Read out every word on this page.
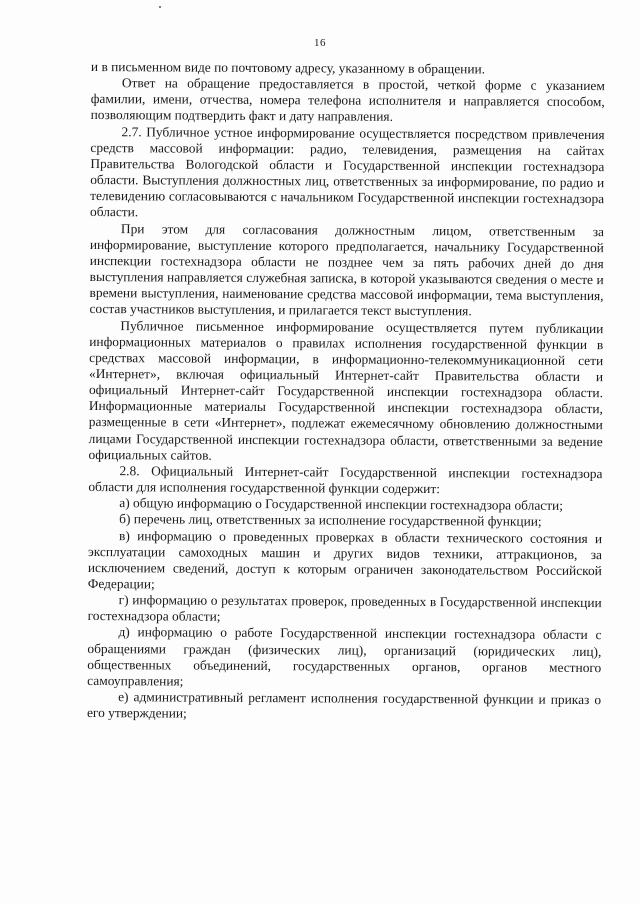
16

и в письменном виде по почтовому адресу, указанному в обращении.

Ответ на обращение предоставляется в простой, четкой форме с указанием фамилии, имени, отчества, номера телефона исполнителя и направляется способом, позволяющим подтвердить факт и дату направления.

2.7. Публичное устное информирование осуществляется посредством привлечения средств массовой информации: радио, телевидения, размещения на сайтах Правительства Вологодской области и Государственной инспекции гостехнадзора области. Выступления должностных лиц, ответственных за информирование, по радио и телевидению согласовываются с начальником Государственной инспекции гостехнадзора области.

При этом для согласования должностным лицом, ответственным за информирование, выступление которого предполагается, начальнику Государственной инспекции гостехнадзора области не позднее чем за пять рабочих дней до дня выступления направляется служебная записка, в которой указываются сведения о месте и времени выступления, наименование средства массовой информации, тема выступления, состав участников выступления, и прилагается текст выступления.

Публичное письменное информирование осуществляется путем публикации информационных материалов о правилах исполнения государственной функции в средствах массовой информации, в информационно-телекоммуникационной сети «Интернет», включая официальный Интернет-сайт Правительства области и официальный Интернет-сайт Государственной инспекции гостехнадзора области. Информационные материалы Государственной инспекции гостехнадзора области, размещенные в сети «Интернет», подлежат ежемесячному обновлению должностными лицами Государственной инспекции гостехнадзора области, ответственными за ведение официальных сайтов.

2.8. Официальный Интернет-сайт Государственной инспекции гостехнадзора области для исполнения государственной функции содержит:

а) общую информацию о Государственной инспекции гостехнадзора области;

б) перечень лиц, ответственных за исполнение государственной функции;

в) информацию о проведенных проверках в области технического состояния и эксплуатации самоходных машин и других видов техники, аттракционов, за исключением сведений, доступ к которым ограничен законодательством Российской Федерации;

г) информацию о результатах проверок, проведенных в Государственной инспекции гостехнадзора области;

д) информацию о работе Государственной инспекции гостехнадзора области с обращениями граждан (физических лиц), организаций (юридических лиц), общественных объединений, государственных органов, органов местного самоуправления;

е) административный регламент исполнения государственной функции и приказ о его утверждении;
